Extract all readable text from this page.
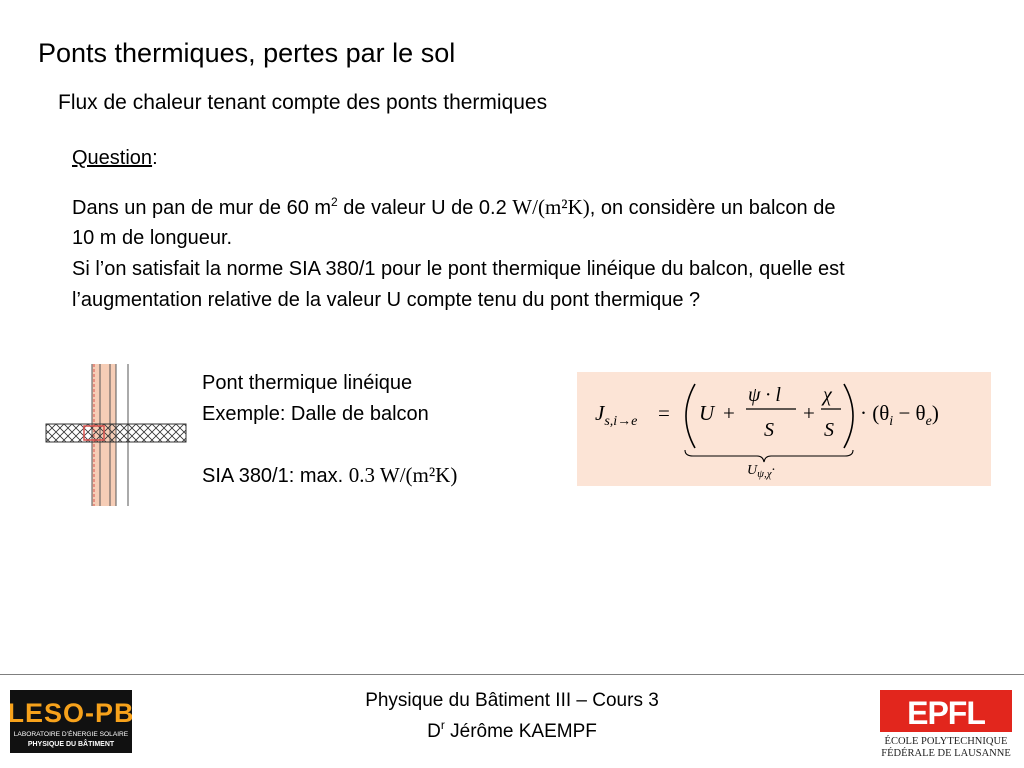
Ponts thermiques, pertes par le sol
Flux de chaleur tenant compte des ponts thermiques
Question:
Dans un pan de mur de 60 $m^2$ de valeur U de 0.2 W/(m²K), on considère un balcon de
10 m de longueur.
Si l’on satisfait la norme SIA 380/1 pour le pont thermique linéique du balcon, quelle est
l’augmentation relative de la valeur U compte tenu du pont thermique ?
Pont thermique linéique
Exemple: Dalle de balcon
SIA 380/1: max. 0.3 W/(m²K)
$J_{s,i\to e} = U$ +
ψ · l
S
+
χ
S
· $(\theta_i - \theta_e)$
$U_{\psi,\chi}\cdot$
Physique du Bâtiment III – Cours 3
$D^r$ Jérôme KAEMPF
LESO-PB
LABORATOIRE D’ÉNERGIE SOLAIRE
PHYSIQUE DU BÂTIMENT
EPFL
ÉCOLE POLYTECHNIQUE
FÉDÉRALE DE LAUSANNE
